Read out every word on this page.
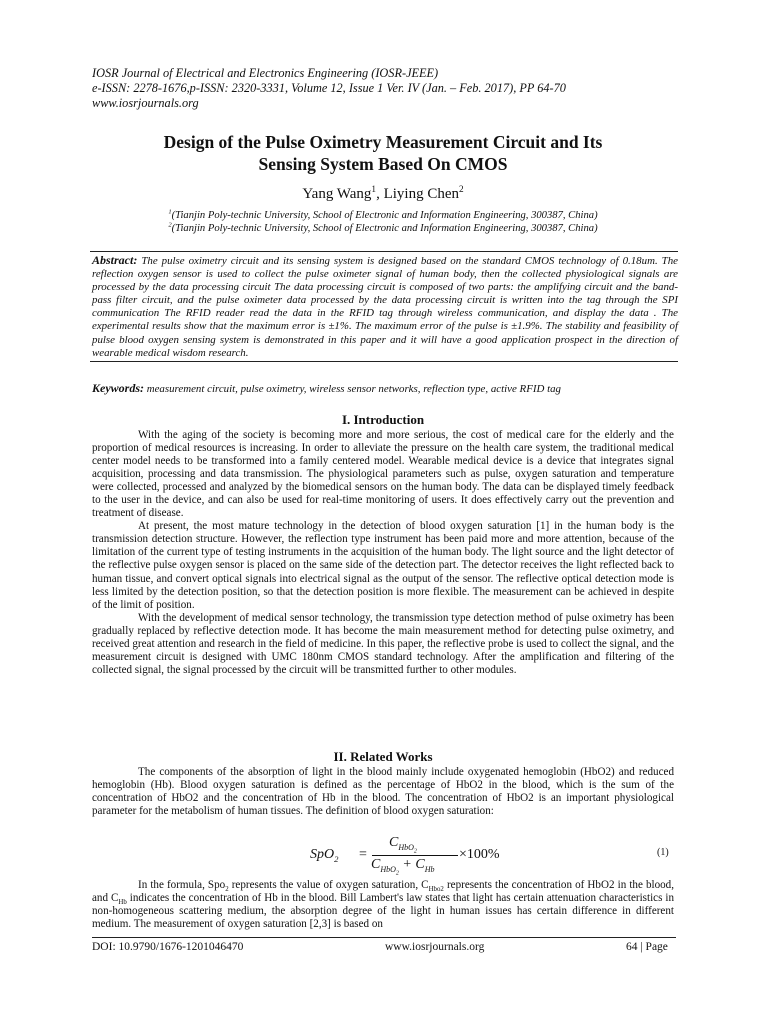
IOSR Journal of Electrical and Electronics Engineering (IOSR-JEEE)
e-ISSN: 2278-1676,p-ISSN: 2320-3331, Volume 12, Issue 1 Ver. IV (Jan. – Feb. 2017), PP 64-70
www.iosrjournals.org
Design of the Pulse Oximetry Measurement Circuit and Its
Sensing System Based On CMOS
Yang Wang$^1$, Liying Chen$^2$
$^1$(Tianjin Poly-technic University, School of Electronic and Information Engineering, 300387, China)
$^2$(Tianjin Poly-technic University, School of Electronic and Information Engineering, 300387, China)

Abstract: The pulse oximetry circuit and its sensing system is designed based on the standard CMOS technology of 0.18um. The reflection oxygen sensor is used to collect the pulse oximeter signal of human body, then the collected physiological signals are processed by the data processing circuit The data processing circuit is composed of two parts: the amplifying circuit and the band-pass filter circuit, and the pulse oximeter data processed by the data processing circuit is written into the tag through the SPI communication The RFID reader read the data in the RFID tag through wireless communication, and display the data . The experimental results show that the maximum error is ±1%. The maximum error of the pulse is ±1.9%. The stability and feasibility of pulse blood oxygen sensing system is demonstrated in this paper and it will have a good application prospect in the direction of wearable medical wisdom research.

Keywords: measurement circuit, pulse oximetry, wireless sensor networks, reflection type, active RFID tag

I. Introduction

With the aging of the society is becoming more and more serious, the cost of medical care for the elderly and the proportion of medical resources is increasing. In order to alleviate the pressure on the health care system, the traditional medical center model needs to be transformed into a family centered model. Wearable medical device is a device that integrates signal acquisition, processing and data transmission. The physiological parameters such as pulse, oxygen saturation and temperature were collected, processed and analyzed by the biomedical sensors on the human body. The data can be displayed timely feedback to the user in the device, and can also be used for real-time monitoring of users. It does effectively carry out the prevention and treatment of disease.

At present, the most mature technology in the detection of blood oxygen saturation [1] in the human body is the transmission detection structure. However, the reflection type instrument has been paid more and more attention, because of the limitation of the current type of testing instruments in the acquisition of the human body. The light source and the light detector of the reflective pulse oxygen sensor is placed on the same side of the detection part. The detector receives the light reflected back to human tissue, and convert optical signals into electrical signal as the output of the sensor. The reflective optical detection mode is less limited by the detection position, so that the detection position is more flexible. The measurement can be achieved in despite of the limit of position.

With the development of medical sensor technology, the transmission type detection method of pulse oximetry has been gradually replaced by reflective detection mode. It has become the main measurement method for detecting pulse oximetry, and received great attention and research in the field of medicine. In this paper, the reflective probe is used to collect the signal, and the measurement circuit is designed with UMC 180nm CMOS standard technology. After the amplification and filtering of the collected signal, the signal processed by the circuit will be transmitted further to other modules.

II. Related Works

The components of the absorption of light in the blood mainly include oxygenated hemoglobin (HbO2) and reduced hemoglobin (Hb). Blood oxygen saturation is defined as the percentage of HbO2 in the blood, which is the sum of the concentration of HbO2 and the concentration of Hb in the blood. The concentration of HbO2 is an important physiological parameter for the metabolism of human tissues. The definition of blood oxygen saturation:

SpO$_2$ =
$C_{HbO_2}$
$C_{HbO_2} + C_{Hb}$
×100%	(1)

In the formula, Spo$_2$ represents the value of oxygen saturation, $C_{Hbo2}$ represents the concentration of HbO2 in the blood, and $C_{Hb}$ indicates the concentration of Hb in the blood. Bill Lambert's law states that light has certain attenuation characteristics in non-homogeneous scattering medium, the absorption degree of the light in human issues has certain difference in different medium. The measurement of oxygen saturation [2,3] is based on

DOI: 10.9790/1676-1201046470	www.iosrjournals.org	64 | Page
